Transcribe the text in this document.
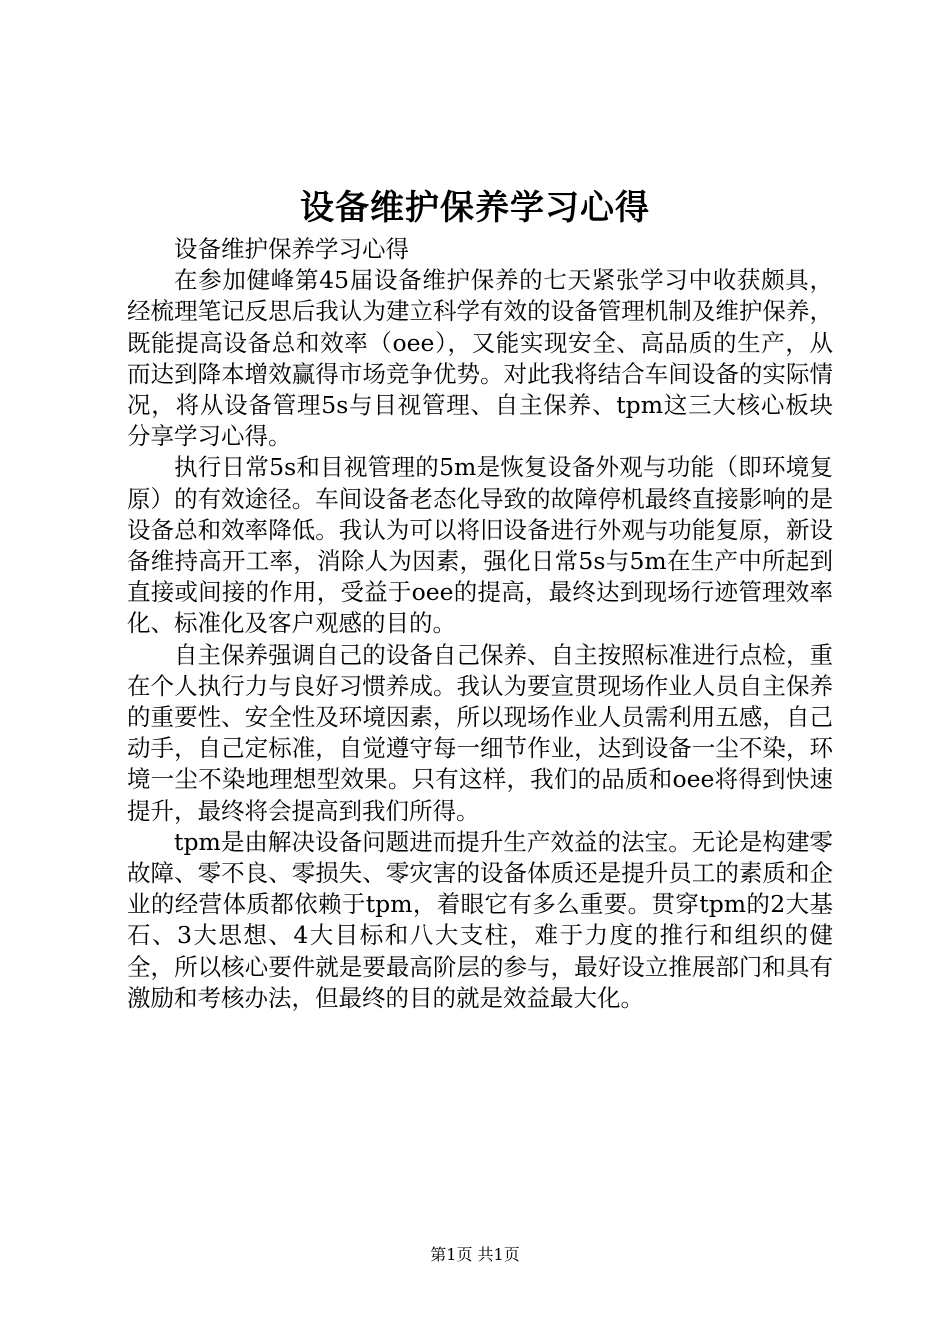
设备维护保养学习心得

设备维护保养学习心得

在参加健峰第45届设备维护保养的七天紧张学习中收获颇具，经梳理笔记反思后我认为建立科学有效的设备管理机制及维护保养，既能提高设备总和效率（oee），又能实现安全、高品质的生产，从而达到降本增效赢得市场竞争优势。对此我将结合车间设备的实际情况，将从设备管理5s与目视管理、自主保养、tpm这三大核心板块分享学习心得。

执行日常5s和目视管理的5m是恢复设备外观与功能（即环境复原）的有效途径。车间设备老态化导致的故障停机最终直接影响的是设备总和效率降低。我认为可以将旧设备进行外观与功能复原，新设备维持高开工率，消除人为因素，强化日常5s与5m在生产中所起到直接或间接的作用，受益于oee的提高，最终达到现场行迹管理效率化、标准化及客户观感的目的。

自主保养强调自己的设备自己保养、自主按照标准进行点检，重在个人执行力与良好习惯养成。我认为要宣贯现场作业人员自主保养的重要性、安全性及环境因素，所以现场作业人员需利用五感，自己动手，自己定标准，自觉遵守每一细节作业，达到设备一尘不染，环境一尘不染地理想型效果。只有这样，我们的品质和oee将得到快速提升，最终将会提高到我们所得。

tpm是由解决设备问题进而提升生产效益的法宝。无论是构建零故障、零不良、零损失、零灾害的设备体质还是提升员工的素质和企业的经营体质都依赖于tpm，着眼它有多么重要。贯穿tpm的2大基石、3大思想、4大目标和八大支柱，难于力度的推行和组织的健全，所以核心要件就是要最高阶层的参与，最好设立推展部门和具有激励和考核办法，但最终的目的就是效益最大化。

第1页 共1页
